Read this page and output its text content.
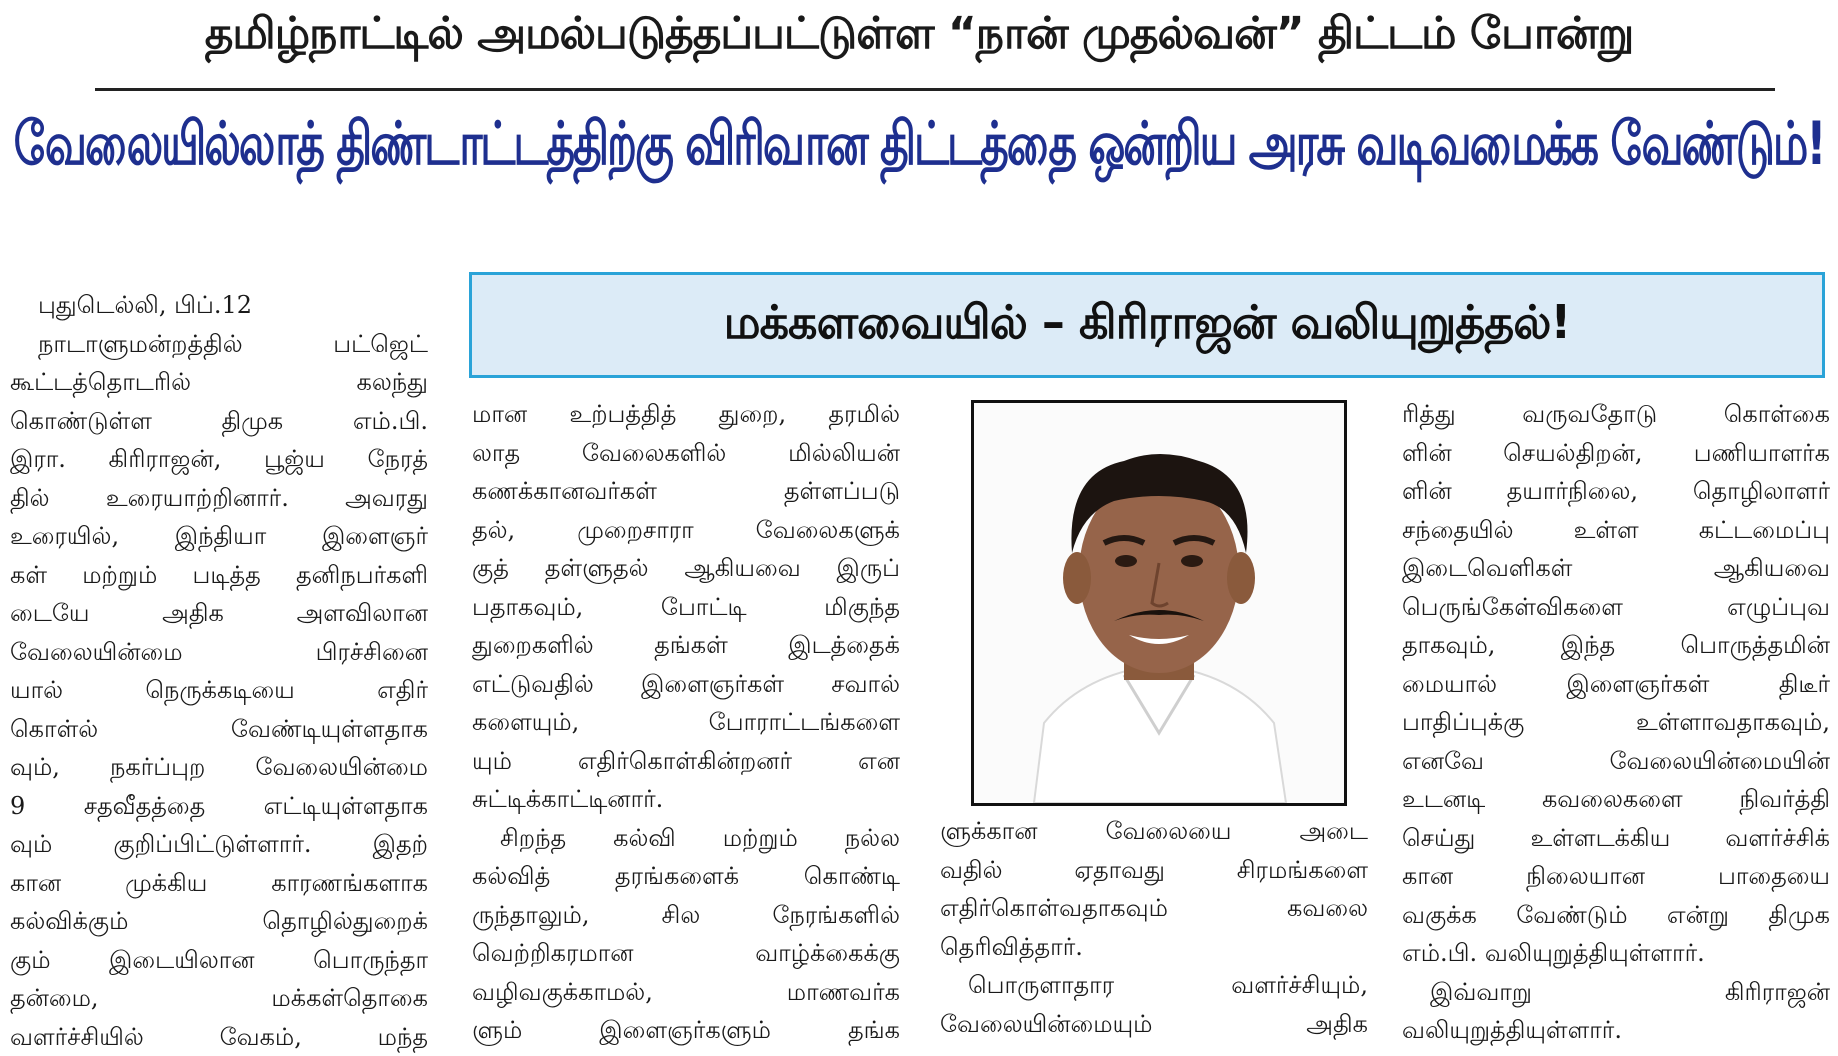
தமிழ்நாட்டில் அமல்படுத்தப்பட்டுள்ள “நான் முதல்வன்” திட்டம் போன்று
வேலையில்லாத் திண்டாட்டத்திற்கு விரிவான திட்டத்தை ஒன்றிய அரசு வடிவமைக்க வேண்டும்!
மக்களவையில் – கிரிராஜன் வலியுறுத்தல்!
புதுடெல்லி, பிப்.12
நாடாளுமன்றத்தில் பட்ஜெட்
கூட்டத்தொடரில் கலந்து
கொண்டுள்ள திமுக எம்.பி.
இரா. கிரிராஜன், பூஜ்ய நேரத்
தில் உரையாற்றினார். அவரது
உரையில், இந்தியா இளைஞர்
கள் மற்றும் படித்த தனிநபர்களி
டையே அதிக அளவிலான
வேலையின்மை பிரச்சினை
யால் நெருக்கடியை எதிர்
கொள்ல் வேண்டியுள்ளதாக
வும், நகர்ப்புற வேலையின்மை
9 சதவீதத்தை எட்டியுள்ளதாக
வும் குறிப்பிட்டுள்ளார். இதற்
கான முக்கிய காரணங்களாக
கல்விக்கும் தொழில்துறைக்
கும் இடையிலான பொருந்தா
தன்மை, மக்கள்தொகை
வளர்ச்சியில் வேகம், மந்த
மான உற்பத்தித் துறை, தரமில்
லாத வேலைகளில் மில்லியன்
கணக்கானவர்கள் தள்ளப்படு
தல், முறைசாரா வேலைகளுக்
குத் தள்ளுதல் ஆகியவை இருப்
பதாகவும், போட்டி மிகுந்த
துறைகளில் தங்கள் இடத்தைக்
எட்டுவதில் இளைஞர்கள் சவால்
களையும், போராட்டங்களை
யும் எதிர்கொள்கின்றனர் என
சுட்டிக்காட்டினார்.
சிறந்த கல்வி மற்றும் நல்ல
கல்வித் தரங்களைக் கொண்டி
ருந்தாலும், சில நேரங்களில்
வெற்றிகரமான வாழ்க்கைக்கு
வழிவகுக்காமல், மாணவர்க
ளும் இளைஞர்களும் தங்க
ளுக்கான வேலையை அடை
வதில் ஏதாவது சிரமங்களை
எதிர்கொள்வதாகவும் கவலை
தெரிவித்தார்.
பொருளாதார வளர்ச்சியும்,
வேலையின்மையும் அதிக
ரித்து வருவதோடு கொள்கை
ளின் செயல்திறன், பணியாளர்க
ளின் தயார்நிலை, தொழிலாளர்
சந்தையில் உள்ள கட்டமைப்பு
இடைவெளிகள் ஆகியவை
பெருங்கேள்விகளை எழுப்புவ
தாகவும், இந்த பொருத்தமின்
மையால் இளைஞர்கள் திடீர்
பாதிப்புக்கு உள்ளாவதாகவும்,
எனவே வேலையின்மையின்
உடனடி கவலைகளை நிவர்த்தி
செய்து உள்ளடக்கிய வளர்ச்சிக்
கான நிலையான பாதையை
வகுக்க வேண்டும் என்று திமுக
எம்.பி. வலியுறுத்தியுள்ளார்.
இவ்வாறு கிரிராஜன்
வலியுறுத்தியுள்ளார்.
